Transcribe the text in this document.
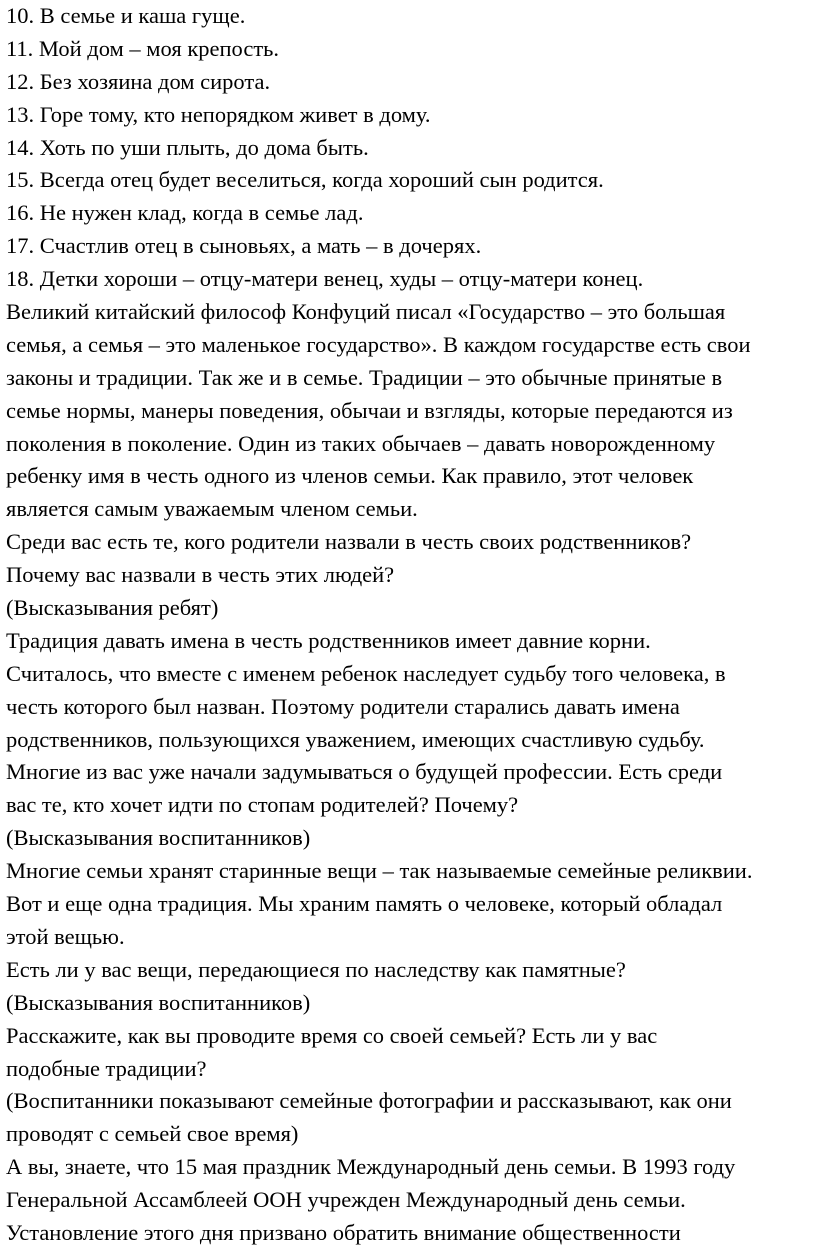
10. В семье и каша гуще.
11. Мой дом – моя крепость.
12. Без хозяина дом сирота.
13. Горе тому, кто непорядком живет в дому.
14. Хоть по уши плыть, до дома быть.
15. Всегда отец будет веселиться, когда хороший сын родится.
16. Не нужен клад, когда в семье лад.
17. Счастлив отец в сыновьях, а мать – в дочерях.
18. Детки хороши – отцу-матери венец, худы – отцу-матери конец.
Великий китайский философ Конфуций писал «Государство – это большая
семья, а семья – это маленькое государство». В каждом государстве есть свои
законы и традиции. Так же и в семье. Традиции – это обычные принятые в
семье нормы, манеры поведения, обычаи и взгляды, которые передаются из
поколения в поколение. Один из таких обычаев – давать новорожденному
ребенку имя в честь одного из членов семьи. Как правило, этот человек
является самым уважаемым членом семьи.
Среди вас есть те, кого родители назвали в честь своих родственников?
Почему вас назвали в честь этих людей?
(Высказывания ребят)
Традиция давать имена в честь родственников имеет давние корни.
Считалось, что вместе с именем ребенок наследует судьбу того человека, в
честь которого был назван. Поэтому родители старались давать имена
родственников, пользующихся уважением, имеющих счастливую судьбу.
Многие из вас уже начали задумываться о будущей профессии. Есть среди
вас те, кто хочет идти по стопам родителей? Почему?
(Высказывания воспитанников)
Многие семьи хранят старинные вещи – так называемые семейные реликвии.
Вот и еще одна традиция. Мы храним память о человеке, который обладал
этой вещью.
Есть ли у вас вещи, передающиеся по наследству как памятные?
(Высказывания воспитанников)
Расскажите, как вы проводите время со своей семьей? Есть ли у вас
подобные традиции?
(Воспитанники показывают семейные фотографии и рассказывают, как они
проводят с семьей свое время)
А вы, знаете, что 15 мая праздник Международный день семьи. В 1993 году
Генеральной Ассамблеей ООН учрежден Международный день семьи.
Установление этого дня призвано обратить внимание общественности
